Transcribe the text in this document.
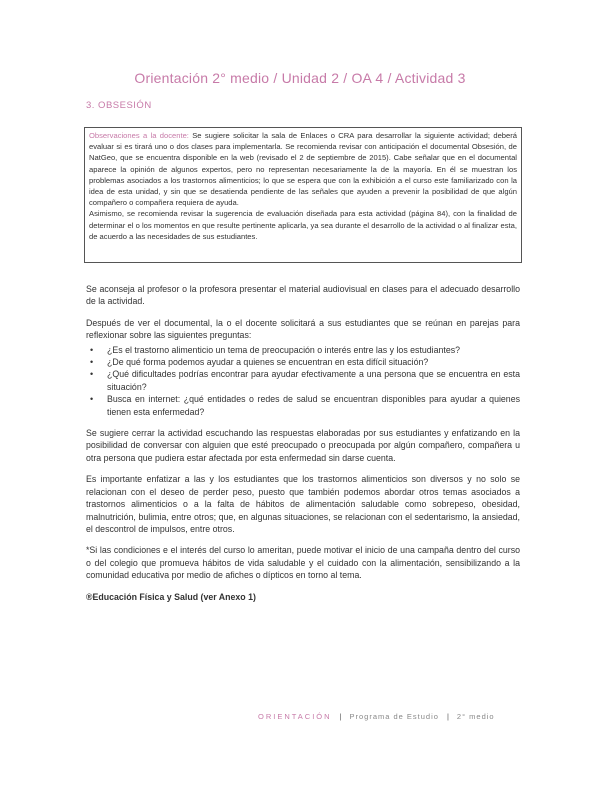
Orientación 2° medio / Unidad 2 / OA 4 / Actividad 3
3. OBSESIÓN

Observaciones a la docente: Se sugiere solicitar la sala de Enlaces o CRA para desarrollar la siguiente actividad; deberá evaluar si es tirará uno o dos clases para implementarla. Se recomienda revisar con anticipación el documental Obsesión, de NatGeo, que se encuentra disponible en la web (revisado el 2 de septiembre de 2015). Cabe señalar que en el documental aparece la opinión de algunos expertos, pero no representan necesariamente la de la mayoría. En él se muestran los problemas asociados a los trastornos alimenticios; lo que se espera que con la exhibición a el curso este familiarizado con la idea de esta unidad, y sin que se desatienda pendiente de las señales que ayuden a prevenir la posibilidad de que algún compañero o compañera requiera de ayuda.

Asimismo, se recomienda revisar la sugerencia de evaluación diseñada para esta actividad (página 84), con la finalidad de determinar el o los momentos en que resulte pertinente aplicarla, ya sea durante el desarrollo de la actividad o al finalizar esta, de acuerdo a las necesidades de sus estudiantes.

Se aconseja al profesor o la profesora presentar el material audiovisual en clases para el adecuado desarrollo de la actividad.

Después de ver el documental, la o el docente solicitará a sus estudiantes que se reúnan en parejas para reflexionar sobre las siguientes preguntas:

• ¿Es el trastorno alimenticio un tema de preocupación o interés entre las y los estudiantes?
• ¿De qué forma podemos ayudar a quienes se encuentran en esta difícil situación?
• ¿Qué dificultades podrías encontrar para ayudar efectivamente a una persona que se encuentra en esta situación?
• Busca en internet: ¿qué entidades o redes de salud se encuentran disponibles para ayudar a quienes tienen esta enfermedad?

Se sugiere cerrar la actividad escuchando las respuestas elaboradas por sus estudiantes y enfatizando en la posibilidad de conversar con alguien que esté preocupado o preocupada por algún compañero, compañera u otra persona que pudiera estar afectada por esta enfermedad sin darse cuenta.

Es importante enfatizar a las y los estudiantes que los trastornos alimenticios son diversos y no solo se relacionan con el deseo de perder peso, puesto que también podemos abordar otros temas asociados a trastornos alimenticios o a la falta de hábitos de alimentación saludable como sobrepeso, obesidad, malnutrición, bulimia, entre otros; que, en algunas situaciones, se relacionan con el sedentarismo, la ansiedad, el descontrol de impulsos, entre otros.

*Si las condiciones e el interés del curso lo ameritan, puede motivar el inicio de una campaña dentro del curso o del colegio que promueva hábitos de vida saludable y el cuidado con la alimentación, sensibilizando a la comunidad educativa por medio de afiches o dípticos en torno al tema.

®Educación Física y Salud (ver Anexo 1)

ORIENTACIÓN | Programa de Estudio | 2° medio
